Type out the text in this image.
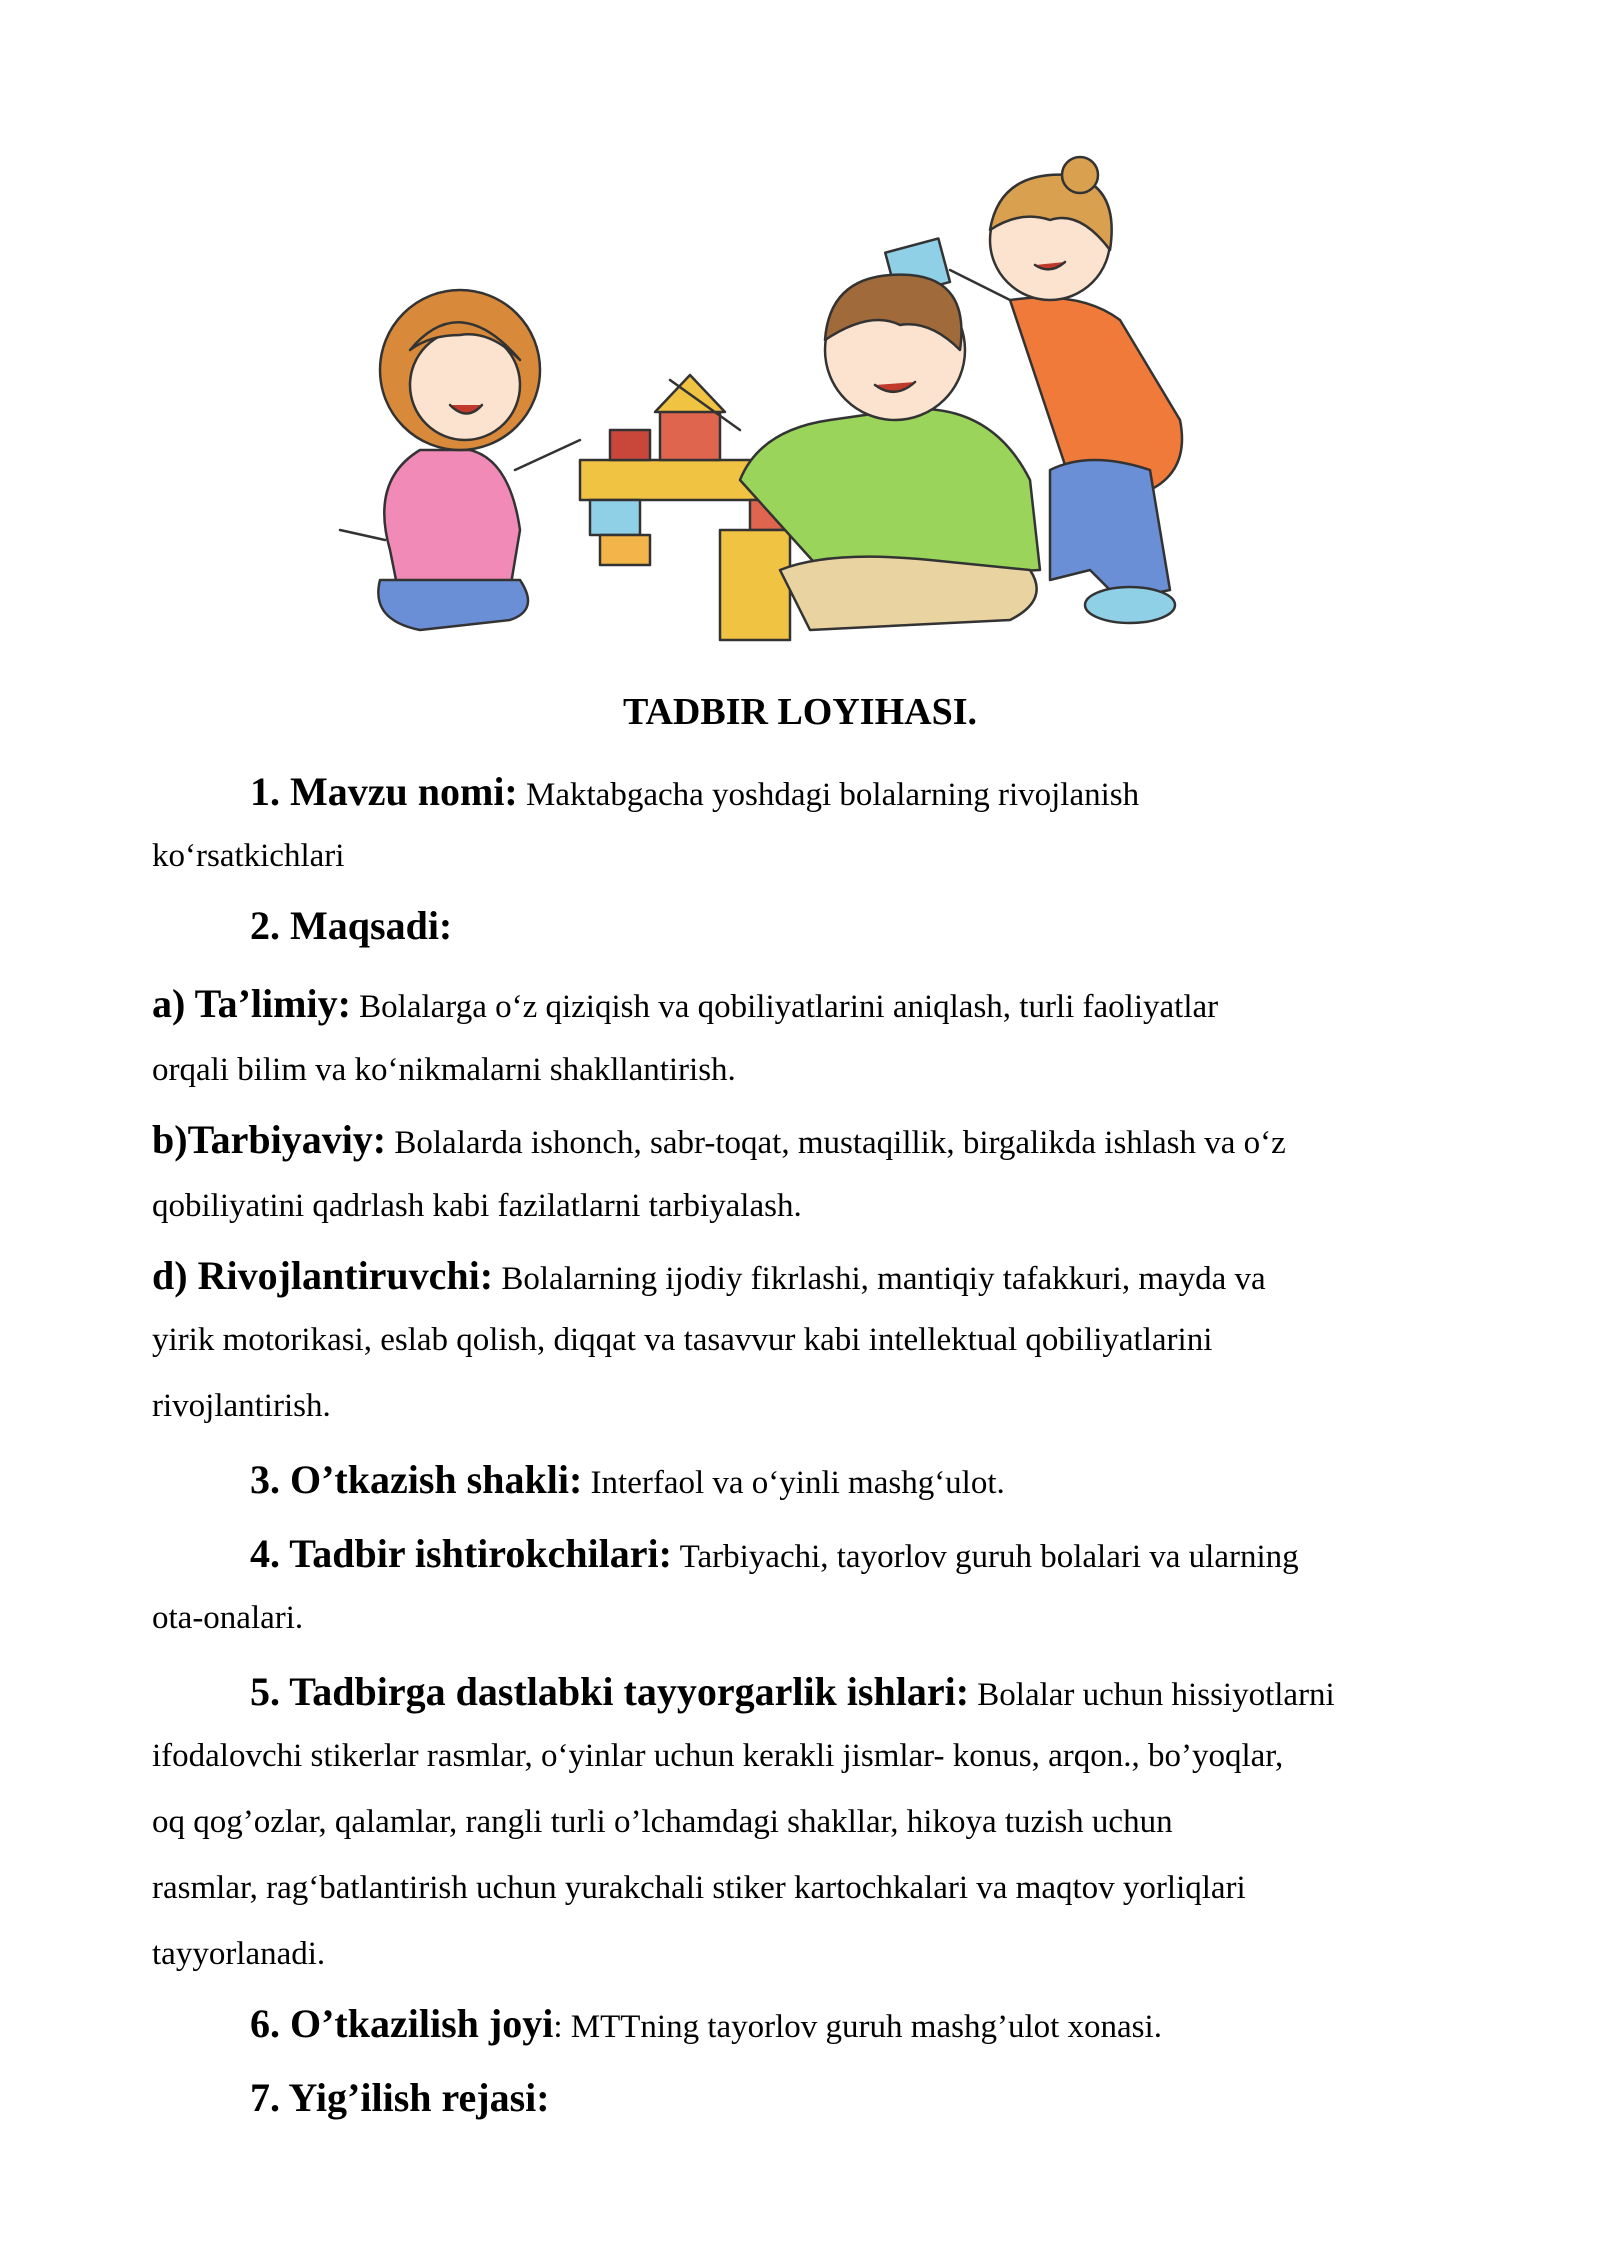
TADBIR LOYIHASI.
1. Mavzu nomi: Maktabgacha yoshdagi bolalarning rivojlanish
ko‘rsatkichlari
2. Maqsadi:
a) Ta’limiy: Bolalarga o‘z qiziqish va qobiliyatlarini aniqlash, turli faoliyatlar
orqali bilim va ko‘nikmalarni shakllantirish.
b)Tarbiyaviy: Bolalarda ishonch, sabr-toqat, mustaqillik, birgalikda ishlash va o‘z
qobiliyatini qadrlash kabi fazilatlarni tarbiyalash.
d) Rivojlantiruvchi: Bolalarning ijodiy fikrlashi, mantiqiy tafakkuri, mayda va
yirik motorikasi, eslab qolish, diqqat va tasavvur kabi intellektual qobiliyatlarini
rivojlantirish.
3. O’tkazish shakli: Interfaol va o‘yinli mashg‘ulot.
4. Tadbir ishtirokchilari: Tarbiyachi, tayorlov guruh bolalari va ularning
ota-onalari.
5. Tadbirga dastlabki tayyorgarlik ishlari: Bolalar uchun hissiyotlarni
ifodalovchi stikerlar rasmlar, o‘yinlar uchun kerakli jismlar- konus, arqon., bo’yoqlar,
oq qog’ozlar, qalamlar, rangli turli o’lchamdagi shakllar, hikoya tuzish uchun
rasmlar, rag‘batlantirish uchun yurakchali stiker kartochkalari va maqtov yorliqlari
tayyorlanadi.
6. O’tkazilish joyi: MTTning tayorlov guruh mashg’ulot xonasi.
7. Yig’ilish rejasi:
